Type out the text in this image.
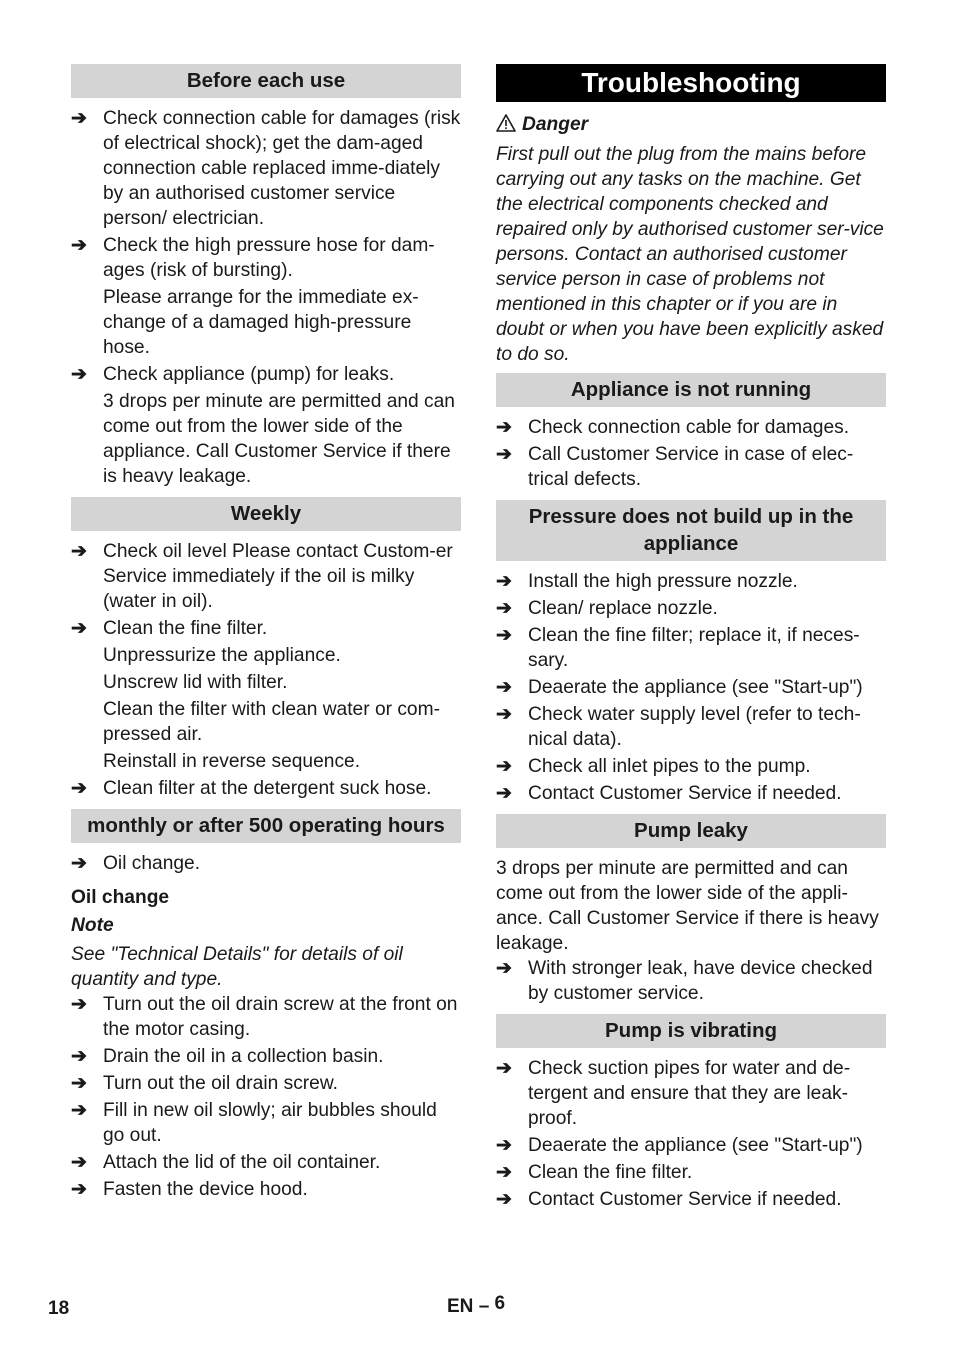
Before each use
➔ Check connection cable for damages (risk of electrical shock); get the dam-aged connection cable replaced imme-diately by an authorised customer service person/ electrician.
➔ Check the high pressure hose for dam-ages (risk of bursting).
Please arrange for the immediate ex-change of a damaged high-pressure hose.
➔ Check appliance (pump) for leaks.
3 drops per minute are permitted and can come out from the lower side of the appliance. Call Customer Service if there is heavy leakage.
Weekly
➔ Check oil level Please contact Custom-er Service immediately if the oil is milky (water in oil).
➔ Clean the fine filter.
Unpressurize the appliance.
Unscrew lid with filter.
Clean the filter with clean water or com-pressed air.
Reinstall in reverse sequence.
➔ Clean filter at the detergent suck hose.
monthly or after 500 operating hours
➔ Oil change.
Oil change
Note
See "Technical Details" for details of oil quantity and type.
➔ Turn out the oil drain screw at the front on the motor casing.
➔ Drain the oil in a collection basin.
➔ Turn out the oil drain screw.
➔ Fill in new oil slowly; air bubbles should go out.
➔ Attach the lid of the oil container.
➔ Fasten the device hood.
Troubleshooting
Danger
First pull out the plug from the mains before carrying out any tasks on the machine. Get the electrical components checked and repaired only by authorised customer ser-vice persons. Contact an authorised customer service person in case of problems not mentioned in this chapter or if you are in doubt or when you have been explicitly asked to do so.
Appliance is not running
➔ Check connection cable for damages.
➔ Call Customer Service in case of elec-trical defects.
Pressure does not build up in the appliance
➔ Install the high pressure nozzle.
➔ Clean/ replace nozzle.
➔ Clean the fine filter; replace it, if neces-sary.
➔ Deaerate the appliance (see "Start-up")
➔ Check water supply level (refer to tech-nical data).
➔ Check all inlet pipes to the pump.
➔ Contact Customer Service if needed.
Pump leaky
3 drops per minute are permitted and can come out from the lower side of the appli-ance. Call Customer Service if there is heavy leakage.
➔ With stronger leak, have device checked by customer service.
Pump is vibrating
➔ Check suction pipes for water and de-tergent and ensure that they are leak-proof.
➔ Deaerate the appliance (see "Start-up")
➔ Clean the fine filter.
➔ Contact Customer Service if needed.
18	EN – 6
